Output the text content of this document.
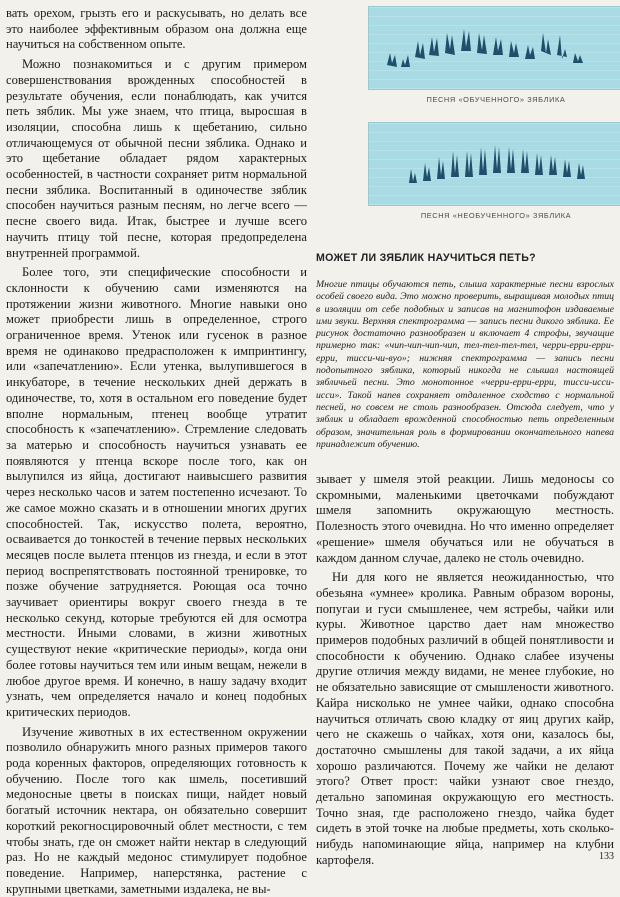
вать орехом, грызть его и раскусывать, но делать все это наиболее эффективным образом она должна еще научиться на собственном опыте.

Можно познакомиться и с другим примером совершенствования врожденных способностей в результате обучения, если понаблюдать, как учится петь зяблик. Мы уже знаем, что птица, выросшая в изоляции, способна лишь к щебетанию, сильно отличающемуся от обычной песни зяблика. Однако и это щебетание обладает рядом характерных особенностей, в частности сохраняет ритм нормальной песни зяблика. Воспитанный в одиночестве зяблик способен научиться разным песням, но легче всего — песне своего вида. Итак, быстрее и лучше всего научить птицу той песне, которая предопределена внутренней программой.

Более того, эти специфические способности и склонности к обучению сами изменяются на протяжении жизни животного. Многие навыки оно может приобрести лишь в определенное, строго ограниченное время. Утенок или гусенок в разное время не одинаково предрасположен к импринтингу, или «запечатлению». Если утенка, вылупившегося в инкубаторе, в течение нескольких дней держать в одиночестве, то, хотя в остальном его поведение будет вполне нормальным, птенец вообще утратит способность к «запечатлению». Стремление следовать за матерью и способность научиться узнавать ее появляются у птенца вскоре после того, как он вылупился из яйца, достигают наивысшего развития через несколько часов и затем постепенно исчезают. То же самое можно сказать и в отношении многих других способностей. Так, искусство полета, вероятно, осваивается до тонкостей в течение первых нескольких месяцев после вылета птенцов из гнезда, и если в этот период воспрепятствовать постоянной тренировке, то позже обучение затрудняется. Роющая оса точно заучивает ориентиры вокруг своего гнезда в те несколько секунд, которые требуются ей для осмотра местности. Иными словами, в жизни животных существуют некие «критические периоды», когда они более готовы научиться тем или иным вещам, нежели в любое другое время. И конечно, в нашу задачу входит узнать, чем определяется начало и конец подобных критических периодов.

Изучение животных в их естественном окружении позволило обнаружить много разных примеров такого рода коренных факторов, определяющих готовность к обучению. После того как шмель, посетивший медоносные цветы в поисках пищи, найдет новый богатый источник нектара, он обязательно совершит короткий рекогносцировочный облет местности, с тем чтобы знать, где он сможет найти нектар в следующий раз. Но не каждый медонос стимулирует подобное поведение. Например, наперстянка, растение с крупными цветками, заметными издалека, не вы-

ПЕСНЯ «ОБУЧЕННОГО» ЗЯБЛИКА
ПЕСНЯ «НЕОБУЧЕННОГО» ЗЯБЛИКА
МОЖЕТ ЛИ ЗЯБЛИК НАУЧИТЬСЯ ПЕТЬ?

Многие птицы обучаются петь, слыша характерные песни взрослых особей своего вида. Это можно проверить, выращивая молодых птиц в изоляции от себе подобных и записав на магнитофон издаваемые ими звуки. Верхняя спектрограмма — запись песни дикого зяблика. Ее рисунок достаточно разнообразен и включает 4 строфы, звучащие примерно так: «чип-чип-чип-чип, тел-тел-тел-тел, черри-ерри-ерри-ерри, тисси-чи-вуо»; нижняя спектрограмма — запись песни подопытного зяблика, который никогда не слышал настоящей зябличьей песни. Это монотонное «черри-ерри-ерри, тисси-исси-исси». Такой напев сохраняет отдаленное сходство с нормальной песней, но совсем не столь разнообразен. Отсюда следует, что у зяблик и обладает врожденной способностью петь определенным образом, значительная роль в формировании окончательного напева принадлежит обучению.

зывает у шмеля этой реакции. Лишь медоносы со скромными, маленькими цветочками побуждают шмеля запомнить окружающую местность. Полезность этого очевидна. Но что именно определяет «решение» шмеля обучаться или не обучаться в каждом данном случае, далеко не столь очевидно.

Ни для кого не является неожиданностью, что обезьяна «умнее» кролика. Равным образом вороны, попугаи и гуси смышленее, чем ястребы, чайки или куры. Животное царство дает нам множество примеров подобных различий в общей понятливости и способности к обучению. Однако слабее изучены другие отличия между видами, не менее глубокие, но не обязательно зависящие от смышлености животного. Кайра нисколько не умнее чайки, однако способна научиться отличать свою кладку от яиц других кайр, чего не скажешь о чайках, хотя они, казалось бы, достаточно смышлены для такой задачи, а их яйца хорошо различаются. Почему же чайки не делают этого? Ответ прост: чайки узнают свое гнездо, детально запоминая окружающую его местность. Точно зная, где расположено гнездо, чайка будет сидеть в этой точке на любые предметы, хоть сколько-нибудь напоминающие яйца, например на клубни картофеля.	133
